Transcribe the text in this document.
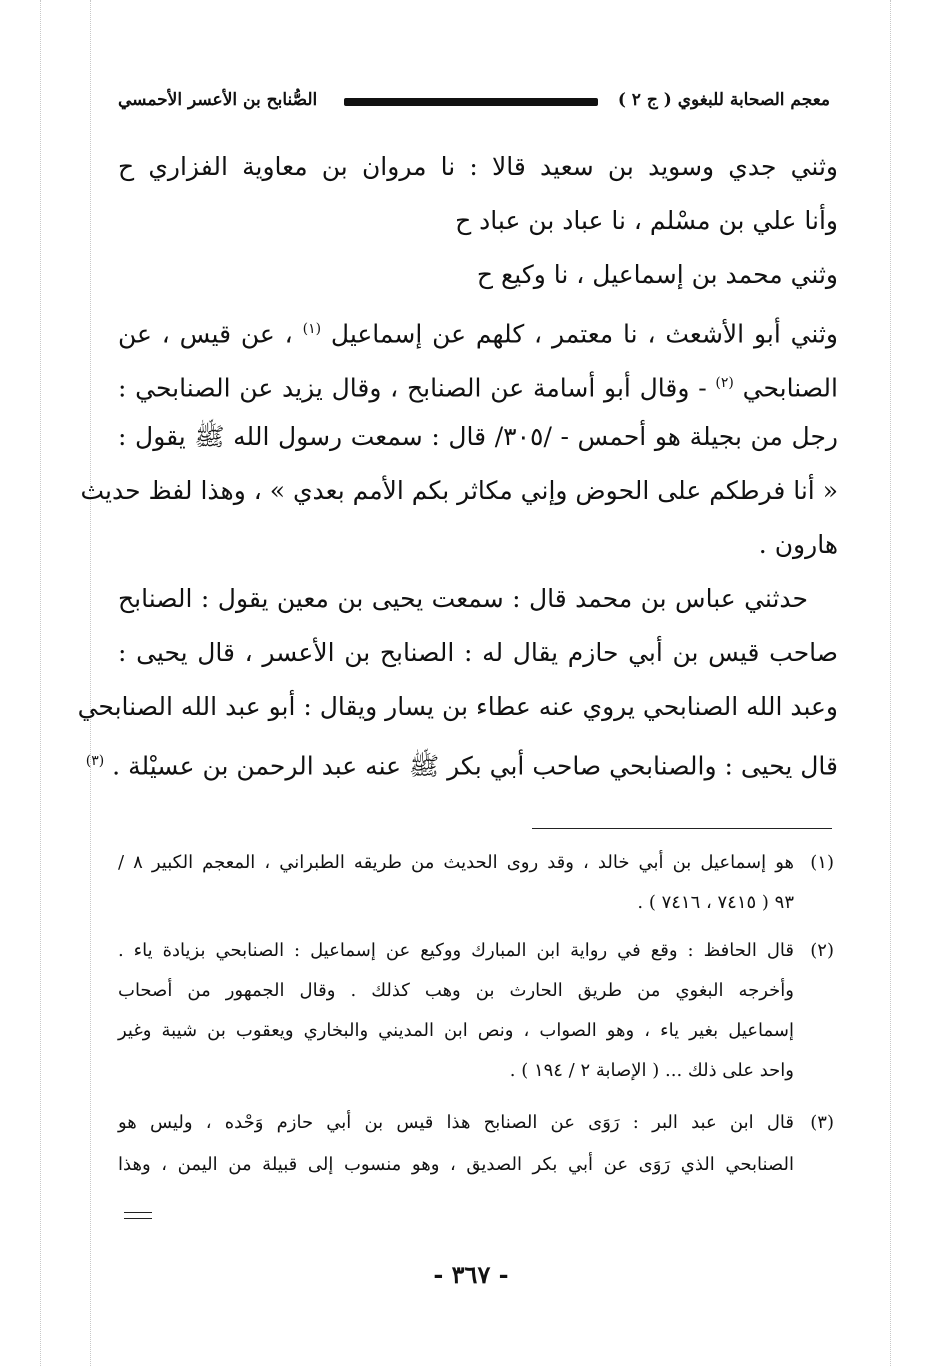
معجم الصحابة للبغوي ( ج ٢ )
الصُّنابح بن الأعسر الأحمسي
وثني جدي وسويد بن سعيد قالا : نا مروان بن معاوية الفزاري ح
وأنا علي بن مسْلم ، نا عباد بن عباد ح
وثني محمد بن إسماعيل ، نا وكيع ح
وثني أبو الأشعث ، نا معتمر ، كلهم عن إسماعيل $^{(١)}$ ، عن قيس ، عن
الصنابحي $^{(٢)}$ - وقال أبو أسامة عن الصنابح ، وقال يزيد عن الصنابحي :
رجل من بجيلة هو أحمس - /٣٠٥/ قال : سمعت رسول الله ﷺ يقول :
« أنا فرطكم على الحوض وإني مكاثر بكم الأمم بعدي » ، وهذا لفظ حديث
هارون .
حدثني عباس بن محمد قال : سمعت يحيى بن معين يقول : الصنابح
صاحب قيس بن أبي حازم يقال له : الصنابح بن الأعسر ، قال يحيى :
وعبد الله الصنابحي يروي عنه عطاء بن يسار ويقال : أبو عبد الله الصنابحي
قال يحيى : والصنابحي صاحب أبي بكر ﷺ عنه عبد الرحمن بن عسيْلة . $^{(٣)}$
(١)
هو إسماعيل بن أبي خالد ، وقد روى الحديث من طريقه الطبراني ، المعجم الكبير ٨ /
٩٣ ( ٧٤١٥ ، ٧٤١٦ ) .
(٢)
قال الحافظ : وقع في رواية ابن المبارك ووكيع عن إسماعيل : الصنابحي بزيادة ياء .
وأخرجه البغوي من طريق الحارث بن وهب كذلك . وقال الجمهور من أصحاب
إسماعيل بغير ياء ، وهو الصواب ، ونص ابن المديني والبخاري ويعقوب بن شيبة وغير
واحد على ذلك ... ( الإصابة ٢ / ١٩٤ ) .
(٣)
قال ابن عبد البر : رَوَى عن الصنابح هذا قيس بن أبي حازم وَحْده ، وليس هو
الصنابحي الذي رَوَى عن أبي بكر الصديق ، وهو منسوب إلى قبيلة من اليمن ، وهذا
- ٣٦٧ -
